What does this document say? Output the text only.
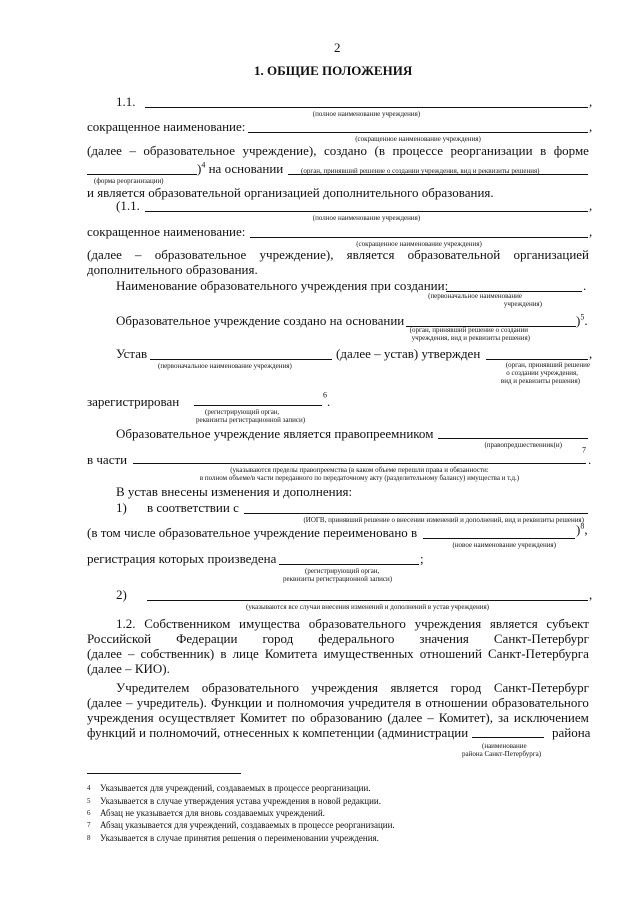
2
1. ОБЩИЕ ПОЛОЖЕНИЯ
1.1.	,
(полное наименование учреждения)
сокращенное наименование:	,
(сокращенное наименование учреждения)
(далее – образовательное учреждение), создано (в процессе реорганизации в форме
)$^4$ на основании
(форма реорганизации)
(орган, принявший решение о создании учреждения, вид и реквизиты решения)
и является образовательной организацией дополнительного образования.
(1.1.	,
(полное наименование учреждения)
сокращенное наименование:	,
(сокращенное наименование учреждения)
(далее – образовательное учреждение), является образовательной организацией
дополнительного образования.
Наименование образовательного учреждения при создании:	.
(первоначальное наименование
учреждения)
Образовательное учреждение создано на основании	)$^5$.
(орган, принявший решение о создании
учреждения, вид и реквизиты решения)
Устав	(далее – устав) утвержден	,
(первоначальное наименование учреждения)	(орган, принявший решение
о создании учреждения,
вид и реквизиты решения)
зарегистрирован	$^6$ .
(регистрирующий орган,
реквизиты регистрационной записи)
Образовательное учреждение является правопреемником
(правопредшественник(и)
в части
$^7$
.
(указываются пределы правопреемства (в каком объеме перешли права и обязанности:
в полном объеме/в части переданного по передаточному акту (разделительному балансу) имущества и т.д.)
В устав внесены изменения и дополнения:
1) в соответствии с
(ИОГВ, принявший решение о внесении изменений и дополнений, вид и реквизиты решения)
(в том числе образовательное учреждение переименовано в	)$^8$,
(новое наименование учреждения)
регистрация которых произведена	;
(регистрирующий орган,
реквизиты регистрационной записи)
2)	,
(указываются все случаи внесения изменений и дополнений в устав учреждения)
1.2. Собственником имущества образовательного учреждения является субъект
Российской Федерации город федерального значения Санкт-Петербург
(далее – собственник) в лице Комитета имущественных отношений Санкт-Петербурга
(далее – КИО).
Учредителем образовательного учреждения является город Санкт-Петербург
(далее – учредитель). Функции и полномочия учредителя в отношении образовательного
учреждения осуществляет Комитет по образованию (далее – Комитет), за исключением
функций и полномочий, отнесенных к компетенции (администрации	района
(наименование
района Санкт-Петербурга)
$^4$ Указывается для учреждений, создаваемых в процессе реорганизации.
$^5$ Указывается в случае утверждения устава учреждения в новой редакции.
$^6$ Абзац не указывается для вновь создаваемых учреждений.
$^7$ Абзац указывается для учреждений, создаваемых в процессе реорганизации.
$^8$ Указывается в случае принятия решения о переименовании учреждения.
